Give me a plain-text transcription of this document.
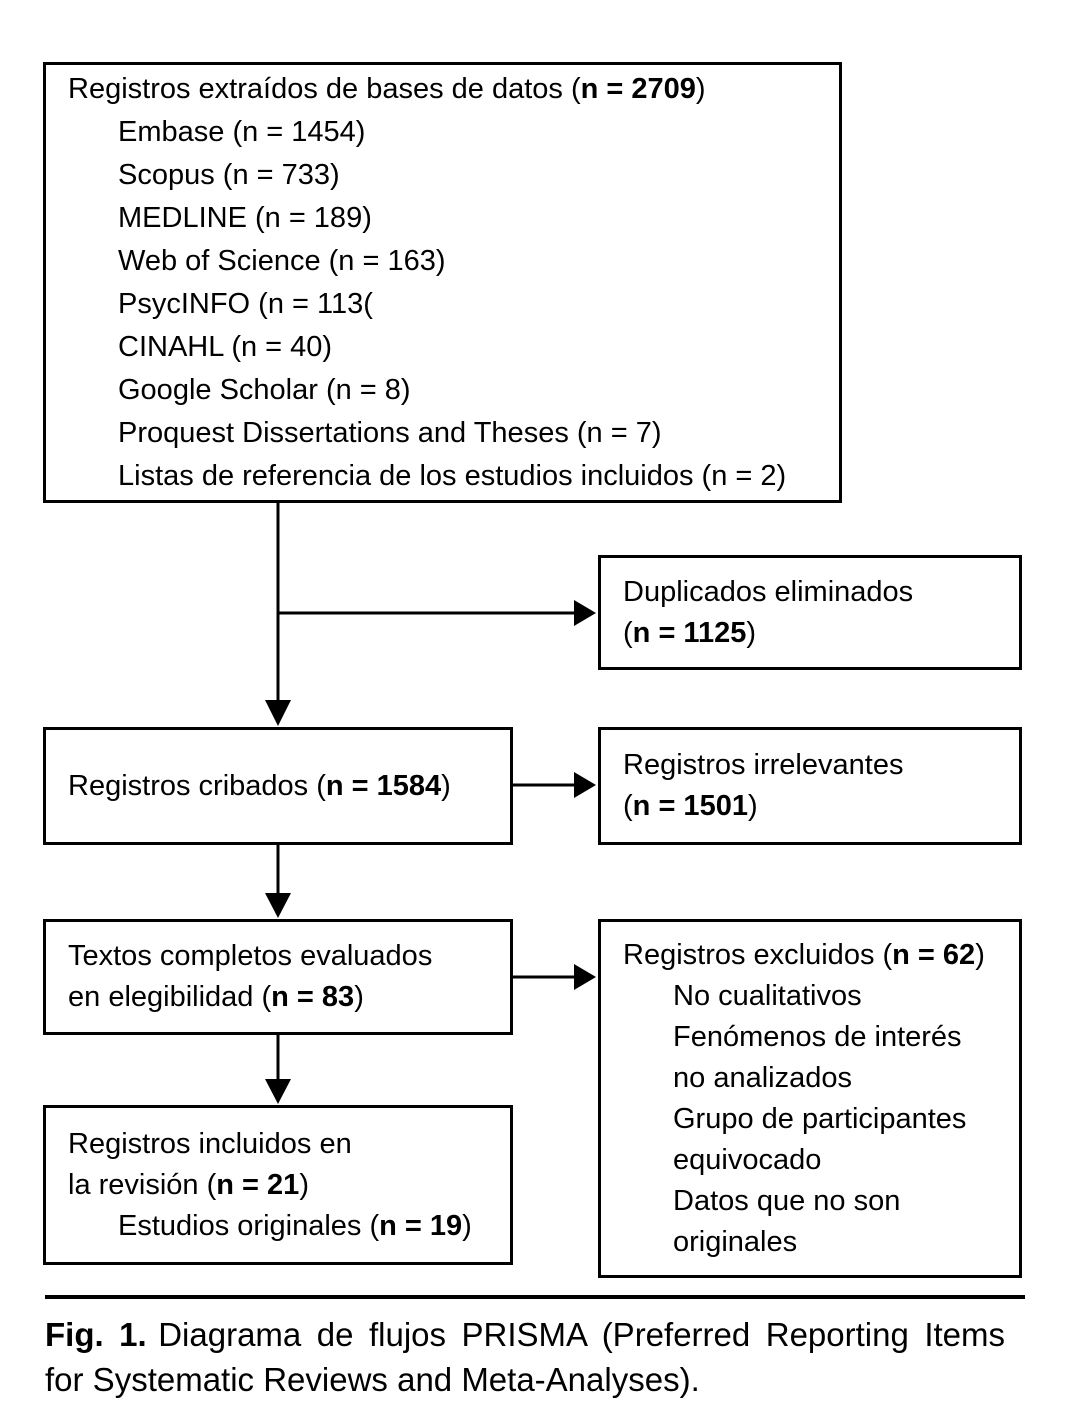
Registros extraídos de bases de datos (n = 2709)
Embase (n = 1454)
Scopus (n = 733)
MEDLINE (n = 189)
Web of Science (n = 163)
PsycINFO (n = 113(
CINAHL (n = 40)
Google Scholar (n = 8)
Proquest Dissertations and Theses (n = 7)
Listas de referencia de los estudios incluidos (n = 2)
Duplicados eliminados
(n = 1125)
Registros cribados (n = 1584)
Registros irrelevantes
(n = 1501)
Textos completos evaluados
en elegibilidad (n = 83)
Registros excluidos (n = 62)
No cualitativos
Fenómenos de interés
no analizados
Grupo de participantes
equivocado
Datos que no son
originales
Registros incluidos en
la revisión (n = 21)
Estudios originales (n = 19)

Fig. 1. Diagrama de flujos PRISMA (Preferred Reporting Items for Systematic Reviews and Meta-Analyses).
